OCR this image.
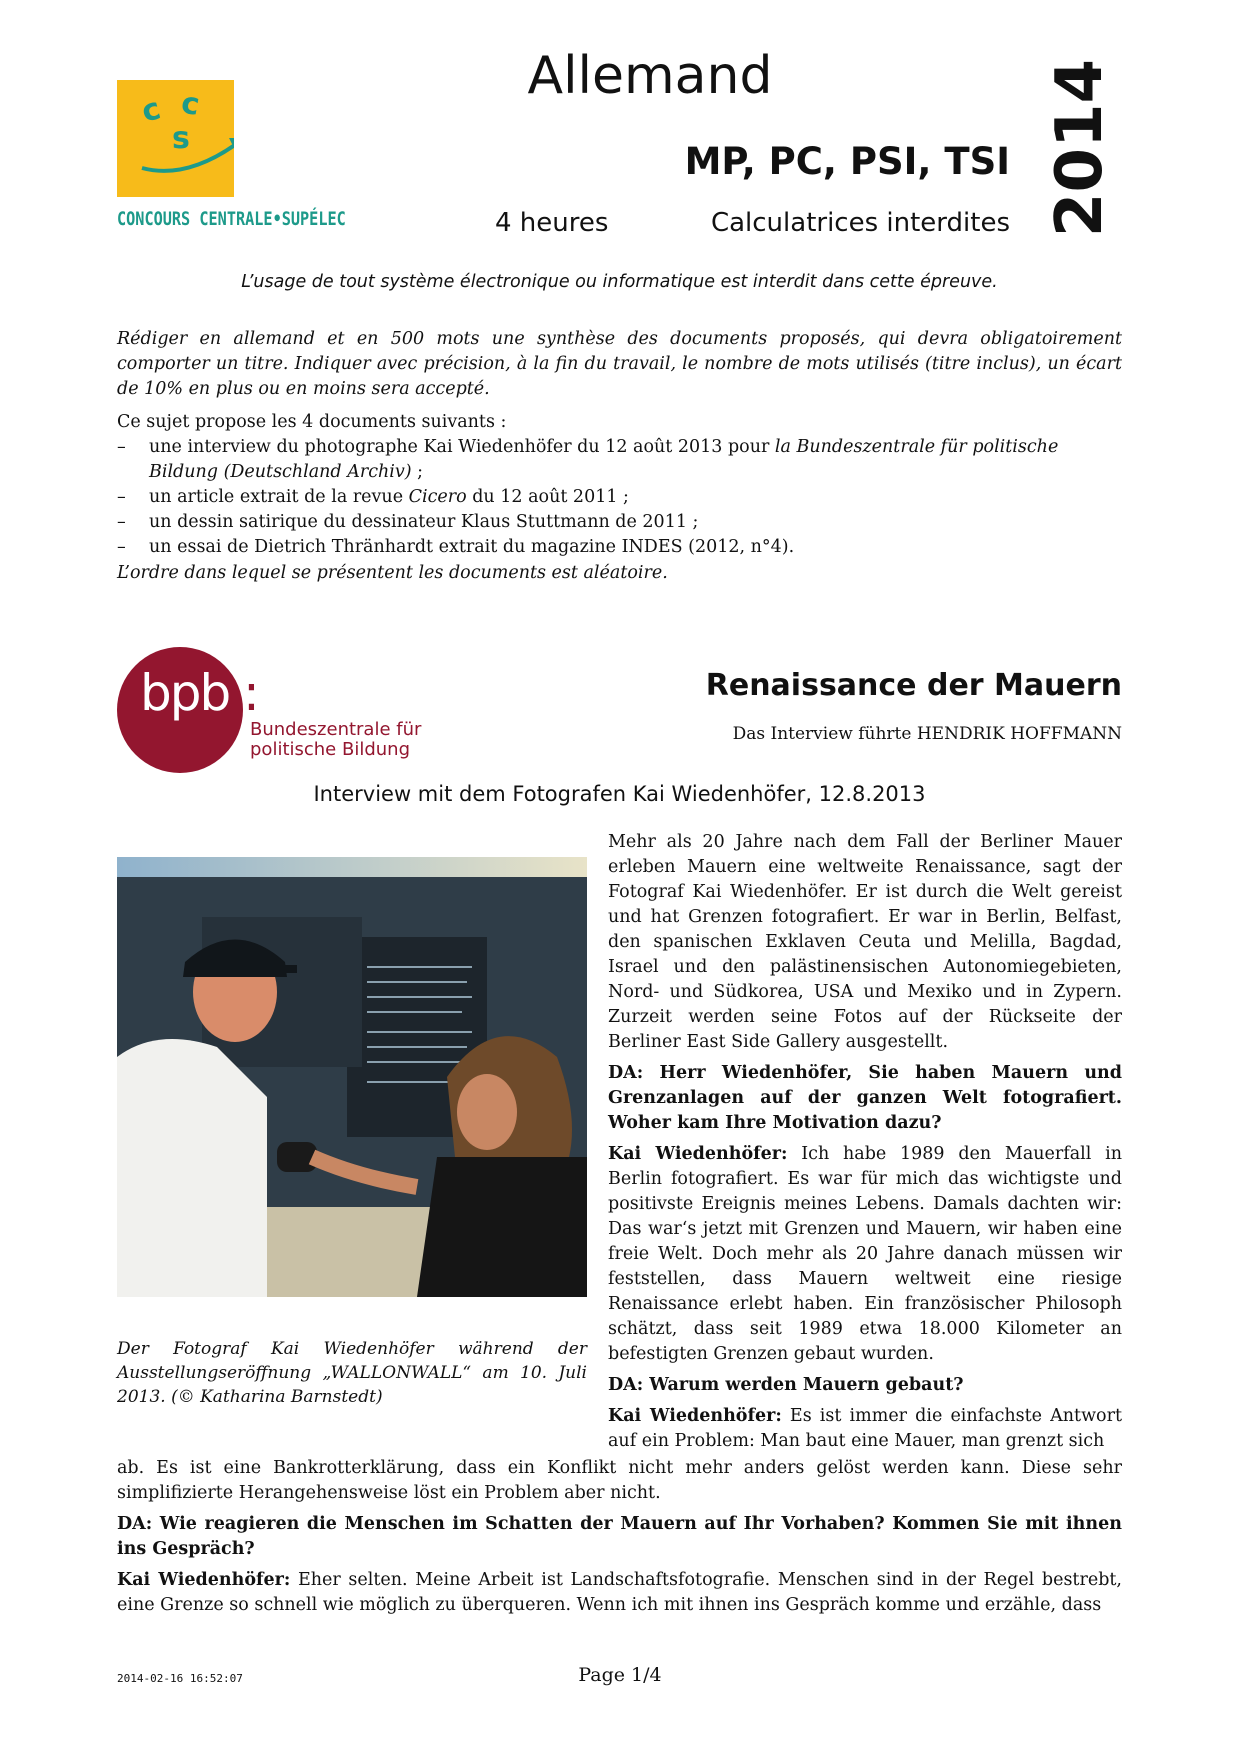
c c
s
CONCOURS CENTRALE•SUPÉLEC
Allemand
MP, PC, PSI, TSI
4 heures	Calculatrices interdites 2014
L’usage de tout système électronique ou informatique est interdit dans cette épreuve.
Rédiger en allemand et en 500 mots une synthèse des documents proposés, qui devra obligatoirement comporter un titre. Indiquer avec précision, à la fin du travail, le nombre de mots utilisés (titre inclus), un écart de 10% en plus ou en moins sera accepté.
Ce sujet propose les 4 documents suivants :
– une interview du photographe Kai Wiedenhöfer du 12 août 2013 pour la Bundeszentrale für politische Bildung (Deutschland Archiv) ;
– un article extrait de la revue Cicero du 12 août 2011 ;
– un dessin satirique du dessinateur Klaus Stuttmann de 2011 ;
– un essai de Dietrich Thränhardt extrait du magazine INDES (2012, n°4).
L’ordre dans lequel se présentent les documents est aléatoire.
bpb :
Bundeszentrale für
politische Bildung
Renaissance der Mauern
Das Interview führte HENDRIK HOFFMANN
Interview mit dem Fotografen Kai Wiedenhöfer, 12.8.2013
Der Fotograf Kai Wiedenhöfer während der Ausstellungseröffnung „WALLONWALL“ am 10. Juli 2013. (© Katharina Barnstedt)

Mehr als 20 Jahre nach dem Fall der Berliner Mauer erleben Mauern eine weltweite Renaissance, sagt der Fotograf Kai Wiedenhöfer. Er ist durch die Welt gereist und hat Grenzen fotografiert. Er war in Berlin, Belfast, den spanischen Exklaven Ceuta und Melilla, Bagdad, Israel und den palästinensischen Autonomiegebieten, Nord- und Südkorea, USA und Mexiko und in Zypern. Zurzeit werden seine Fotos auf der Rückseite der Berliner East Side Gallery ausgestellt.

DA: Herr Wiedenhöfer, Sie haben Mauern und Grenzanlagen auf der ganzen Welt fotografiert. Woher kam Ihre Motivation dazu?

Kai Wiedenhöfer: Ich habe 1989 den Mauerfall in Berlin fotografiert. Es war für mich das wichtigste und positivste Ereignis meines Lebens. Damals dachten wir: Das war‘s jetzt mit Grenzen und Mauern, wir haben eine freie Welt. Doch mehr als 20 Jahre danach müssen wir feststellen, dass Mauern weltweit eine riesige Renaissance erlebt haben. Ein französischer Philosoph schätzt, dass seit 1989 etwa 18.000 Kilometer an befestigten Grenzen gebaut wurden.

DA: Warum werden Mauern gebaut?

Kai Wiedenhöfer: Es ist immer die einfachste Antwort auf ein Problem: Man baut eine Mauer, man grenzt sich

ab. Es ist eine Bankrotterklärung, dass ein Konflikt nicht mehr anders gelöst werden kann. Diese sehr simplifizierte Herangehensweise löst ein Problem aber nicht.

DA: Wie reagieren die Menschen im Schatten der Mauern auf Ihr Vorhaben? Kommen Sie mit ihnen ins Gespräch?

Kai Wiedenhöfer: Eher selten. Meine Arbeit ist Landschaftsfotografie. Menschen sind in der Regel bestrebt, eine Grenze so schnell wie möglich zu überqueren. Wenn ich mit ihnen ins Gespräch komme und erzähle, dass

2014-02-16 16:52:07	Page 1/4
